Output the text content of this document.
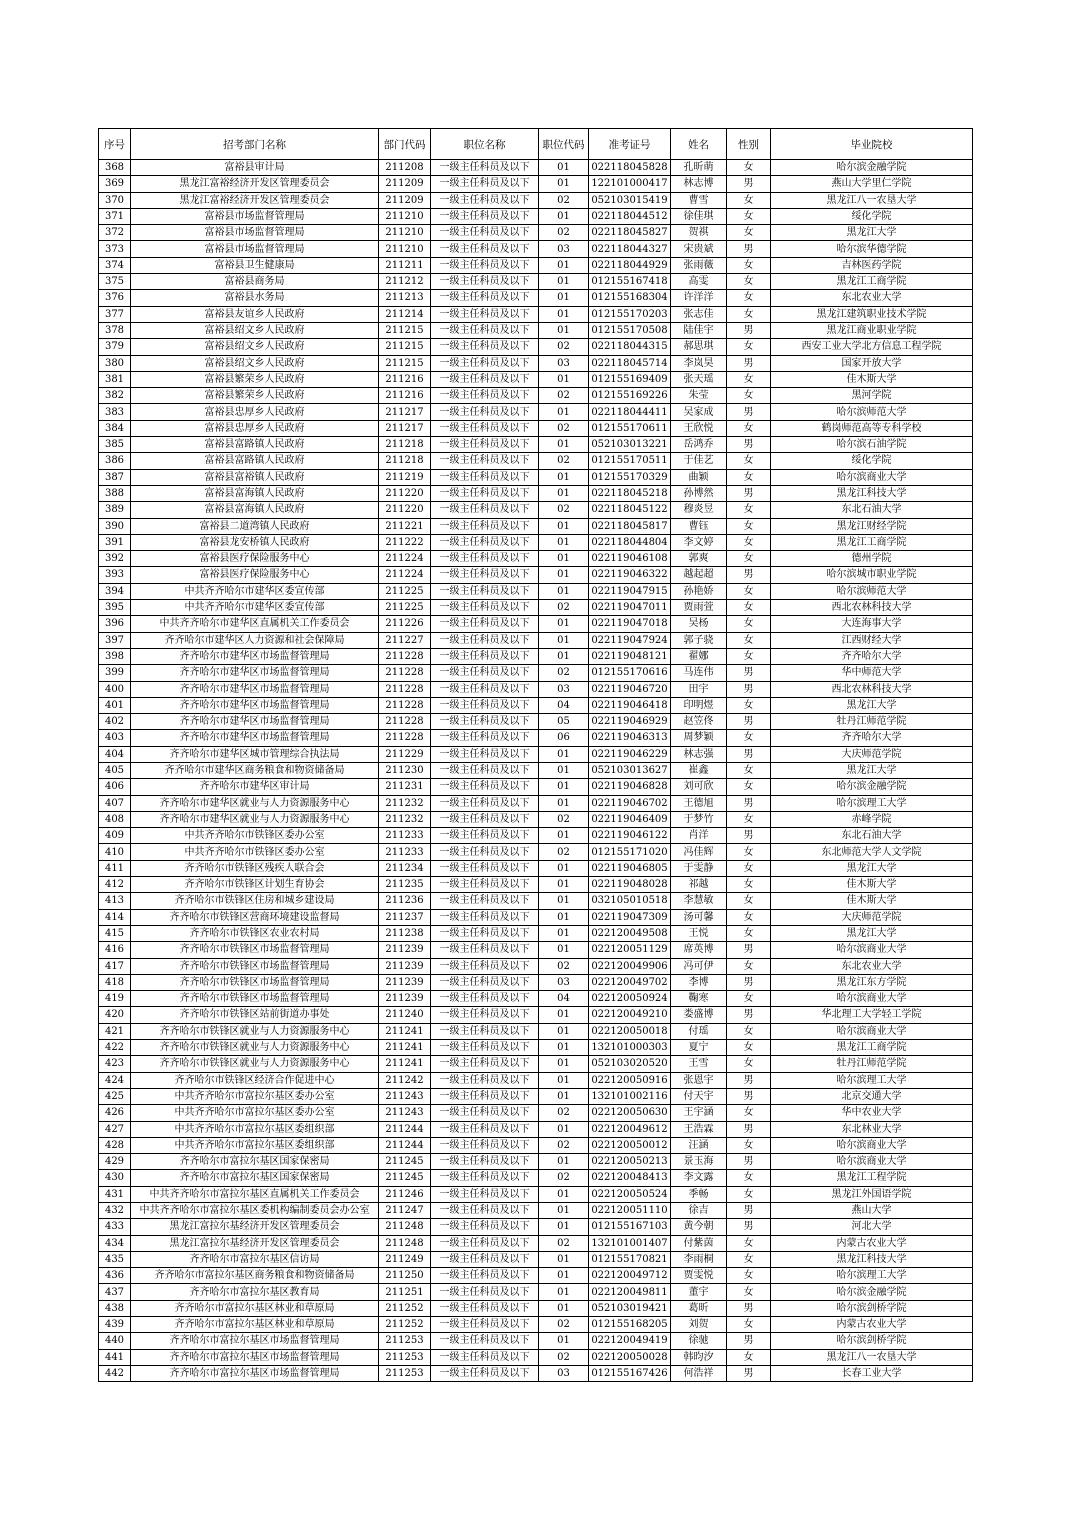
序号	招考部门名称	部门代码	职位名称	职位代码	准考证号	姓名	性别	毕业院校
368	富裕县审计局	211208	一级主任科员及以下	01	022118045828	孔昕萌	女	哈尔滨金融学院
369	黑龙江富裕经济开发区管理委员会	211209	一级主任科员及以下	01	122101000417	林志博	男	燕山大学里仁学院
370	黑龙江富裕经济开发区管理委员会	211209	一级主任科员及以下	02	052103015419	曹雪	女	黑龙江八一农垦大学
371	富裕县市场监督管理局	211210	一级主任科员及以下	01	022118044512	徐佳琪	女	绥化学院
372	富裕县市场监督管理局	211210	一级主任科员及以下	02	022118045827	贺祺	女	黑龙江大学
373	富裕县市场监督管理局	211210	一级主任科员及以下	03	022118044327	宋贵斌	男	哈尔滨华德学院
374	富裕县卫生健康局	211211	一级主任科员及以下	01	022118044929	张雨薇	女	吉林医药学院
375	富裕县商务局	211212	一级主任科员及以下	01	012155167418	高雯	女	黑龙江工商学院
376	富裕县水务局	211213	一级主任科员及以下	01	012155168304	许洋洋	女	东北农业大学
377	富裕县友谊乡人民政府	211214	一级主任科员及以下	01	012155170203	张志佳	女	黑龙江建筑职业技术学院
378	富裕县绍文乡人民政府	211215	一级主任科员及以下	01	012155170508	陆佳宇	男	黑龙江商业职业学院
379	富裕县绍文乡人民政府	211215	一级主任科员及以下	02	022118044315	郝思琪	女	西安工业大学北方信息工程学院
380	富裕县绍文乡人民政府	211215	一级主任科员及以下	03	022118045714	李岚昊	男	国家开放大学
381	富裕县繁荣乡人民政府	211216	一级主任科员及以下	01	012155169409	张天瑶	女	佳木斯大学
382	富裕县繁荣乡人民政府	211216	一级主任科员及以下	02	012155169226	朱莹	女	黑河学院
383	富裕县忠厚乡人民政府	211217	一级主任科员及以下	01	022118044411	吴家成	男	哈尔滨师范大学
384	富裕县忠厚乡人民政府	211217	一级主任科员及以下	02	012155170611	王欣悦	女	鹤岗师范高等专科学校
385	富裕县富路镇人民政府	211218	一级主任科员及以下	01	052103013221	岳鸿乔	男	哈尔滨石油学院
386	富裕县富路镇人民政府	211218	一级主任科员及以下	02	012155170511	于佳艺	女	绥化学院
387	富裕县富裕镇人民政府	211219	一级主任科员及以下	01	012155170329	曲颖	女	哈尔滨商业大学
388	富裕县富海镇人民政府	211220	一级主任科员及以下	01	022118045218	孙博然	男	黑龙江科技大学
389	富裕县富海镇人民政府	211220	一级主任科员及以下	02	022118045122	穆炎昱	女	东北石油大学
390	富裕县二道湾镇人民政府	211221	一级主任科员及以下	01	022118045817	曹钰	女	黑龙江财经学院
391	富裕县龙安桥镇人民政府	211222	一级主任科员及以下	01	022118044804	李文婷	女	黑龙江工商学院
392	富裕县医疗保险服务中心	211224	一级主任科员及以下	01	022119046108	郭爽	女	德州学院
393	富裕县医疗保险服务中心	211224	一级主任科员及以下	01	022119046322	越起超	男	哈尔滨城市职业学院
394	中共齐齐哈尔市建华区委宣传部	211225	一级主任科员及以下	01	022119047915	孙艳娇	女	哈尔滨师范大学
395	中共齐齐哈尔市建华区委宣传部	211225	一级主任科员及以下	02	022119047011	贾雨萱	女	西北农林科技大学
396	中共齐齐哈尔市建华区直属机关工作委员会	211226	一级主任科员及以下	01	022119047018	吴杨	女	大连海事大学
397	齐齐哈尔市建华区人力资源和社会保障局	211227	一级主任科员及以下	01	022119047924	郭子骁	女	江西财经大学
398	齐齐哈尔市建华区市场监督管理局	211228	一级主任科员及以下	01	022119048121	翟娜	女	齐齐哈尔大学
399	齐齐哈尔市建华区市场监督管理局	211228	一级主任科员及以下	02	012155170616	马连伟	男	华中师范大学
400	齐齐哈尔市建华区市场监督管理局	211228	一级主任科员及以下	03	022119046720	田宇	男	西北农林科技大学
401	齐齐哈尔市建华区市场监督管理局	211228	一级主任科员及以下	04	022119046418	印明煜	女	黑龙江大学
402	齐齐哈尔市建华区市场监督管理局	211228	一级主任科员及以下	05	022119046929	赵笠佟	男	牡丹江师范学院
403	齐齐哈尔市建华区市场监督管理局	211228	一级主任科员及以下	06	022119046313	周梦颖	女	齐齐哈尔大学
404	齐齐哈尔市建华区城市管理综合执法局	211229	一级主任科员及以下	01	022119046229	林志强	男	大庆师范学院
405	齐齐哈尔市建华区商务粮食和物资储备局	211230	一级主任科员及以下	01	052103013627	崔鑫	女	黑龙江大学
406	齐齐哈尔市建华区审计局	211231	一级主任科员及以下	01	022119046828	刘可欣	女	哈尔滨金融学院
407	齐齐哈尔市建华区就业与人力资源服务中心	211232	一级主任科员及以下	01	022119046702	王德旭	男	哈尔滨理工大学
408	齐齐哈尔市建华区就业与人力资源服务中心	211232	一级主任科员及以下	02	022119046409	于梦竹	女	赤峰学院
409	中共齐齐哈尔市铁锋区委办公室	211233	一级主任科员及以下	01	022119046122	肖洋	男	东北石油大学
410	中共齐齐哈尔市铁锋区委办公室	211233	一级主任科员及以下	02	012155171020	冯佳辉	女	东北师范大学人文学院
411	齐齐哈尔市铁锋区残疾人联合会	211234	一级主任科员及以下	01	022119046805	于雯静	女	黑龙江大学
412	齐齐哈尔市铁锋区计划生育协会	211235	一级主任科员及以下	01	022119048028	祁越	女	佳木斯大学
413	齐齐哈尔市铁锋区住房和城乡建设局	211236	一级主任科员及以下	01	032105010518	李慧敏	女	佳木斯大学
414	齐齐哈尔市铁锋区营商环境建设监督局	211237	一级主任科员及以下	01	022119047309	汤可馨	女	大庆师范学院
415	齐齐哈尔市铁锋区农业农村局	211238	一级主任科员及以下	01	022120049508	王悦	女	黑龙江大学
416	齐齐哈尔市铁锋区市场监督管理局	211239	一级主任科员及以下	01	022120051129	席英博	男	哈尔滨商业大学
417	齐齐哈尔市铁锋区市场监督管理局	211239	一级主任科员及以下	02	022120049906	冯可伊	女	东北农业大学
418	齐齐哈尔市铁锋区市场监督管理局	211239	一级主任科员及以下	03	022120049702	李博	男	黑龙江东方学院
419	齐齐哈尔市铁锋区市场监督管理局	211239	一级主任科员及以下	04	022120050924	鞠寒	女	哈尔滨商业大学
420	齐齐哈尔市铁锋区站前街道办事处	211240	一级主任科员及以下	01	022120049210	娄盛博	男	华北理工大学轻工学院
421	齐齐哈尔市铁锋区就业与人力资源服务中心	211241	一级主任科员及以下	01	022120050018	付瑶	女	哈尔滨商业大学
422	齐齐哈尔市铁锋区就业与人力资源服务中心	211241	一级主任科员及以下	01	132101000303	夏宁	女	黑龙江工商学院
423	齐齐哈尔市铁锋区就业与人力资源服务中心	211241	一级主任科员及以下	01	052103020520	王雪	女	牡丹江师范学院
424	齐齐哈尔市铁锋区经济合作促进中心	211242	一级主任科员及以下	01	022120050916	张恩宇	男	哈尔滨理工大学
425	中共齐齐哈尔市富拉尔基区委办公室	211243	一级主任科员及以下	01	132101002116	付天宇	男	北京交通大学
426	中共齐齐哈尔市富拉尔基区委办公室	211243	一级主任科员及以下	02	022120050630	王宇涵	女	华中农业大学
427	中共齐齐哈尔市富拉尔基区委组织部	211244	一级主任科员及以下	01	022120049612	王浩霖	男	东北林业大学
428	中共齐齐哈尔市富拉尔基区委组织部	211244	一级主任科员及以下	02	022120050012	汪涵	女	哈尔滨商业大学
429	齐齐哈尔市富拉尔基区国家保密局	211245	一级主任科员及以下	01	022120050213	景玉海	男	哈尔滨商业大学
430	齐齐哈尔市富拉尔基区国家保密局	211245	一级主任科员及以下	02	022120048413	李文露	女	黑龙江工程学院
431	中共齐齐哈尔市富拉尔基区直属机关工作委员会	211246	一级主任科员及以下	01	022120050524	季畅	女	黑龙江外国语学院
432	中共齐齐哈尔市富拉尔基区委机构编制委员会办公室	211247	一级主任科员及以下	01	022120051110	徐吉	男	燕山大学
433	黑龙江富拉尔基经济开发区管理委员会	211248	一级主任科员及以下	01	012155167103	黄今朝	男	河北大学
434	黑龙江富拉尔基经济开发区管理委员会	211248	一级主任科员及以下	02	132101001407	付紫茵	女	内蒙古农业大学
435	齐齐哈尔市富拉尔基区信访局	211249	一级主任科员及以下	01	012155170821	李雨桐	女	黑龙江科技大学
436	齐齐哈尔市富拉尔基区商务粮食和物资储备局	211250	一级主任科员及以下	01	022120049712	贾雯悦	女	哈尔滨理工大学
437	齐齐哈尔市富拉尔基区教育局	211251	一级主任科员及以下	01	022120049811	董宇	女	哈尔滨金融学院
438	齐齐哈尔市富拉尔基区林业和草原局	211252	一级主任科员及以下	01	052103019421	葛昕	男	哈尔滨剑桥学院
439	齐齐哈尔市富拉尔基区林业和草原局	211252	一级主任科员及以下	02	012155168205	刘贺	女	内蒙古农业大学
440	齐齐哈尔市富拉尔基区市场监督管理局	211253	一级主任科员及以下	01	022120049419	徐驰	男	哈尔滨剑桥学院
441	齐齐哈尔市富拉尔基区市场监督管理局	211253	一级主任科员及以下	02	022120050028	韩昀汐	女	黑龙江八一农垦大学
442	齐齐哈尔市富拉尔基区市场监督管理局	211253	一级主任科员及以下	03	012155167426	何浩祥	男	长春工业大学
